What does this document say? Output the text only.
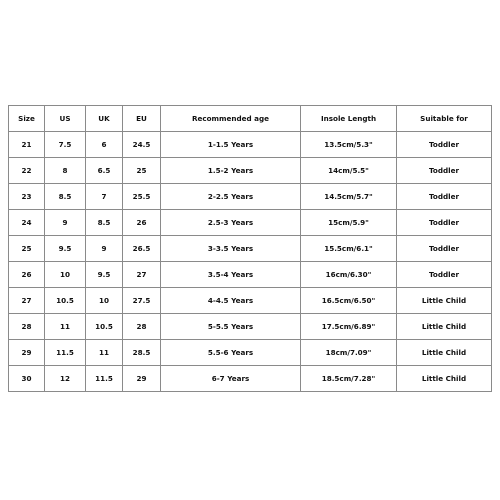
Size	US	UK	EU	Recommended age	Insole Length	Suitable for
21	7.5	6	24.5	1-1.5 Years	13.5cm/5.3"	Toddler
22	8	6.5	25	1.5-2 Years	14cm/5.5"	Toddler
23	8.5	7	25.5	2-2.5 Years	14.5cm/5.7"	Toddler
24	9	8.5	26	2.5-3 Years	15cm/5.9"	Toddler
25	9.5	9	26.5	3-3.5 Years	15.5cm/6.1"	Toddler
26	10	9.5	27	3.5-4 Years	16cm/6.30"	Toddler
27	10.5	10	27.5	4-4.5 Years	16.5cm/6.50"	Little Child
28	11	10.5	28	5-5.5 Years	17.5cm/6.89"	Little Child
29	11.5	11	28.5	5.5-6 Years	18cm/7.09"	Little Child
30	12	11.5	29	6-7 Years	18.5cm/7.28"	Little Child
